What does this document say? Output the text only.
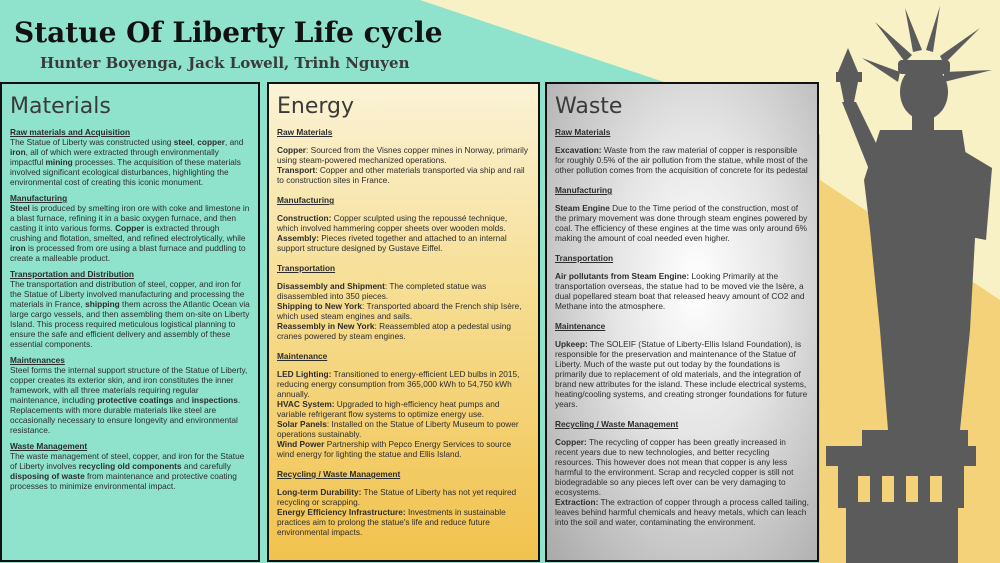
Statue Of Liberty Life cycle
Hunter Boyenga, Jack Lowell, Trinh Nguyen
Materials
Raw materials and Acquisition
The Statue of Liberty was constructed using steel, copper, and iron, all of which were extracted through environmentally impactful mining processes. The acquisition of these materials involved significant ecological disturbances, highlighting the environmental cost of creating this iconic monument.
Manufacturing
Steel is produced by smelting iron ore with coke and limestone in a blast furnace, refining it in a basic oxygen furnace, and then casting it into various forms. Copper is extracted through crushing and flotation, smelted, and refined electrolytically, while iron is processed from ore using a blast furnace and puddling to create a malleable product.
Transportation and Distribution
The transportation and distribution of steel, copper, and iron for the Statue of Liberty involved manufacturing and processing the materials in France, shipping them across the Atlantic Ocean via large cargo vessels, and then assembling them on-site on Liberty Island. This process required meticulous logistical planning to ensure the safe and efficient delivery and assembly of these essential components.
Maintenances
Steel forms the internal support structure of the Statue of Liberty, copper creates its exterior skin, and iron constitutes the inner framework, with all three materials requiring regular maintenance, including protective coatings and inspections. Replacements with more durable materials like steel are occasionally necessary to ensure longevity and environmental resistance.
Waste Management
The waste management of steel, copper, and iron for the Statue of Liberty involves recycling old components and carefully disposing of waste from maintenance and protective coating processes to minimize environmental impact.
Energy
Raw Materials
Copper: Sourced from the Visnes copper mines in Norway, primarily using steam-powered mechanized operations.
Transport: Copper and other materials transported via ship and rail to construction sites in France.
Manufacturing
Construction: Copper sculpted using the repoussé technique, which involved hammering copper sheets over wooden molds.
Assembly: Pieces riveted together and attached to an internal support structure designed by Gustave Eiffel.
Transportation
Disassembly and Shipment: The completed statue was disassembled into 350 pieces.
Shipping to New York: Transported aboard the French ship Isère, which used steam engines and sails.
Reassembly in New York: Reassembled atop a pedestal using cranes powered by steam engines.
Maintenance
LED Lighting: Transitioned to energy-efficient LED bulbs in 2015, reducing energy consumption from 365,000 kWh to 54,750 kWh annually.
HVAC System: Upgraded to high-efficiency heat pumps and variable refrigerant flow systems to optimize energy use.
Solar Panels: Installed on the Statue of Liberty Museum to power operations sustainably.
Wind Power Partnership with Pepco Energy Services to source wind energy for lighting the statue and Ellis Island.
Recycling / Waste Management
Long-term Durability: The Statue of Liberty has not yet required recycling or scrapping.
Energy Efficiency Infrastructure: Investments in sustainable practices aim to prolong the statue's life and reduce future environmental impacts.
Waste
Raw Materials
Excavation: Waste from the raw material of copper is responsible for roughly 0.5% of the air pollution from the statue, while most of the other pollution comes from the acquisition of concrete for its pedestal
Manufacturing
Steam Engine Due to the Time period of the construction, most of the primary movement was done through steam engines powered by coal. The efficiency of these engines at the time was only around 6% making the amount of coal needed even higher.
Transportation
Air pollutants from Steam Engine: Looking Primarily at the transportation overseas, the statue had to be moved vie the Isère, a dual popellared steam boat that released heavy amount of CO2 and Methane into the atmosphere.
Maintenance
Upkeep: The SOLEIF (Statue of Liberty-Ellis Island Foundation), is responsible for the preservation and maintenance of the Statue of Liberty. Much of the waste put out today by the foundations is primarily due to replacement of old materials, and the integration of brand new attributes for the island. These include electrical systems, heating/cooling systems, and creating stronger foundations for future years.
Recycling / Waste Management
Copper: The recycling of copper has been greatly increased in recent years due to new technologies, and better recycling resources. This however does not mean that copper is any less harmful to the environment. Scrap and recycled copper is still not biodegradable so any pieces left over can be very damaging to ecosystems.
Extraction: The extraction of copper through a process called tailing, leaves behind harmful chemicals and heavy metals, which can leach into the soil and water, contaminating the environment.
